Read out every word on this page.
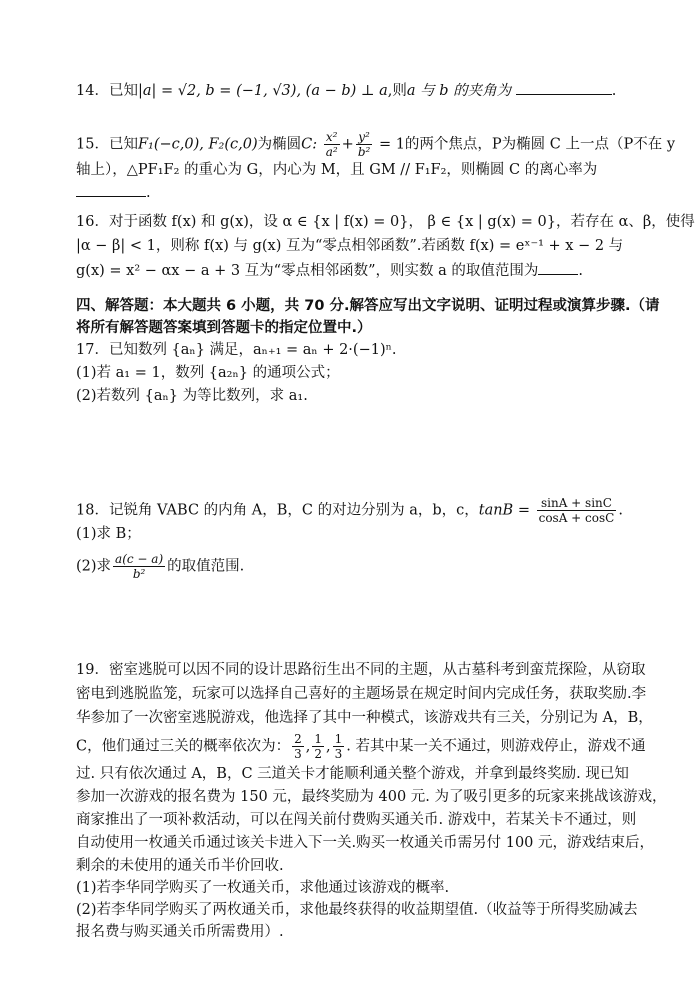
14．已知|a| = √2, b = (−1, √3), (a − b) ⊥ a,则a 与 b 的夹角为	.
15．已知F₁(−c,0), F₂(c,0)为椭圆C: $\frac{\text{x²}}{\text{a²}} + \frac{\text{y²}}{\text{b²}} = 1$的两个焦点，P为椭圆 C 上一点（P不在 y
轴上），△PF₁F₂ 的重心为 G，内心为 M，且 GM // F₁F₂，则椭圆 C 的离心率为
.
16．对于函数 f(x) 和 g(x)，设 α ∈ {x | f(x) = 0}， β ∈ {x | g(x) = 0}，若存在 α、β，使得
|α − β| < 1，则称 f(x) 与 g(x) 互为“零点相邻函数”.若函数 f(x) = eˣ⁻¹ + x − 2 与
g(x) = x² − αx − a + 3 互为“零点相邻函数”，则实数 a 的取值范围为	.
四、解答题：本大题共 6 小题，共 70 分.解答应写出文字说明、证明过程或演算步骤.（请
将所有解答题答案填到答题卡的指定位置中.）
17．已知数列 {aₙ} 满足，aₙ₊₁ = aₙ + 2·(−1)ⁿ.
(1)若 a₁ = 1，数列 {a₂ₙ} 的通项公式；
(2)若数列 {aₙ} 为等比数列，求 a₁.
18．记锐角 VABC 的内角 A，B，C 的对边分别为 a，b，c，$\tan B = \frac{\sin A + \sin C}{\cos A + \cos C}$ .
(1)求 B；
(2)求 $\frac{a(c - a)}{\text{b²}}$ 的取值范围.
19．密室逃脱可以因不同的设计思路衍生出不同的主题，从古墓科考到蛮荒探险，从窃取
密电到逃脱监笼，玩家可以选择自己喜好的主题场景在规定时间内完成任务，获取奖励.李
华参加了一次密室逃脱游戏，他选择了其中一种模式，该游戏共有三关，分别记为 A，B，
C，他们通过三关的概率依次为： $\frac{2}{3}$ , $\frac{1}{2}$ , $\frac{1}{3}$ . 若其中某一关不通过，则游戏停止，游戏不通
过. 只有依次通过 A，B，C 三道关卡才能顺利通关整个游戏，并拿到最终奖励. 现已知
参加一次游戏的报名费为 150 元，最终奖励为 400 元. 为了吸引更多的玩家来挑战该游戏，
商家推出了一项补救活动，可以在闯关前付费购买通关币. 游戏中，若某关卡不通过，则
自动使用一枚通关币通过该关卡进入下一关.购买一枚通关币需另付 100 元，游戏结束后，
剩余的未使用的通关币半价回收.
(1)若李华同学购买了一枚通关币，求他通过该游戏的概率.
(2)若李华同学购买了两枚通关币，求他最终获得的收益期望值.（收益等于所得奖励减去
报名费与购买通关币所需费用）.
